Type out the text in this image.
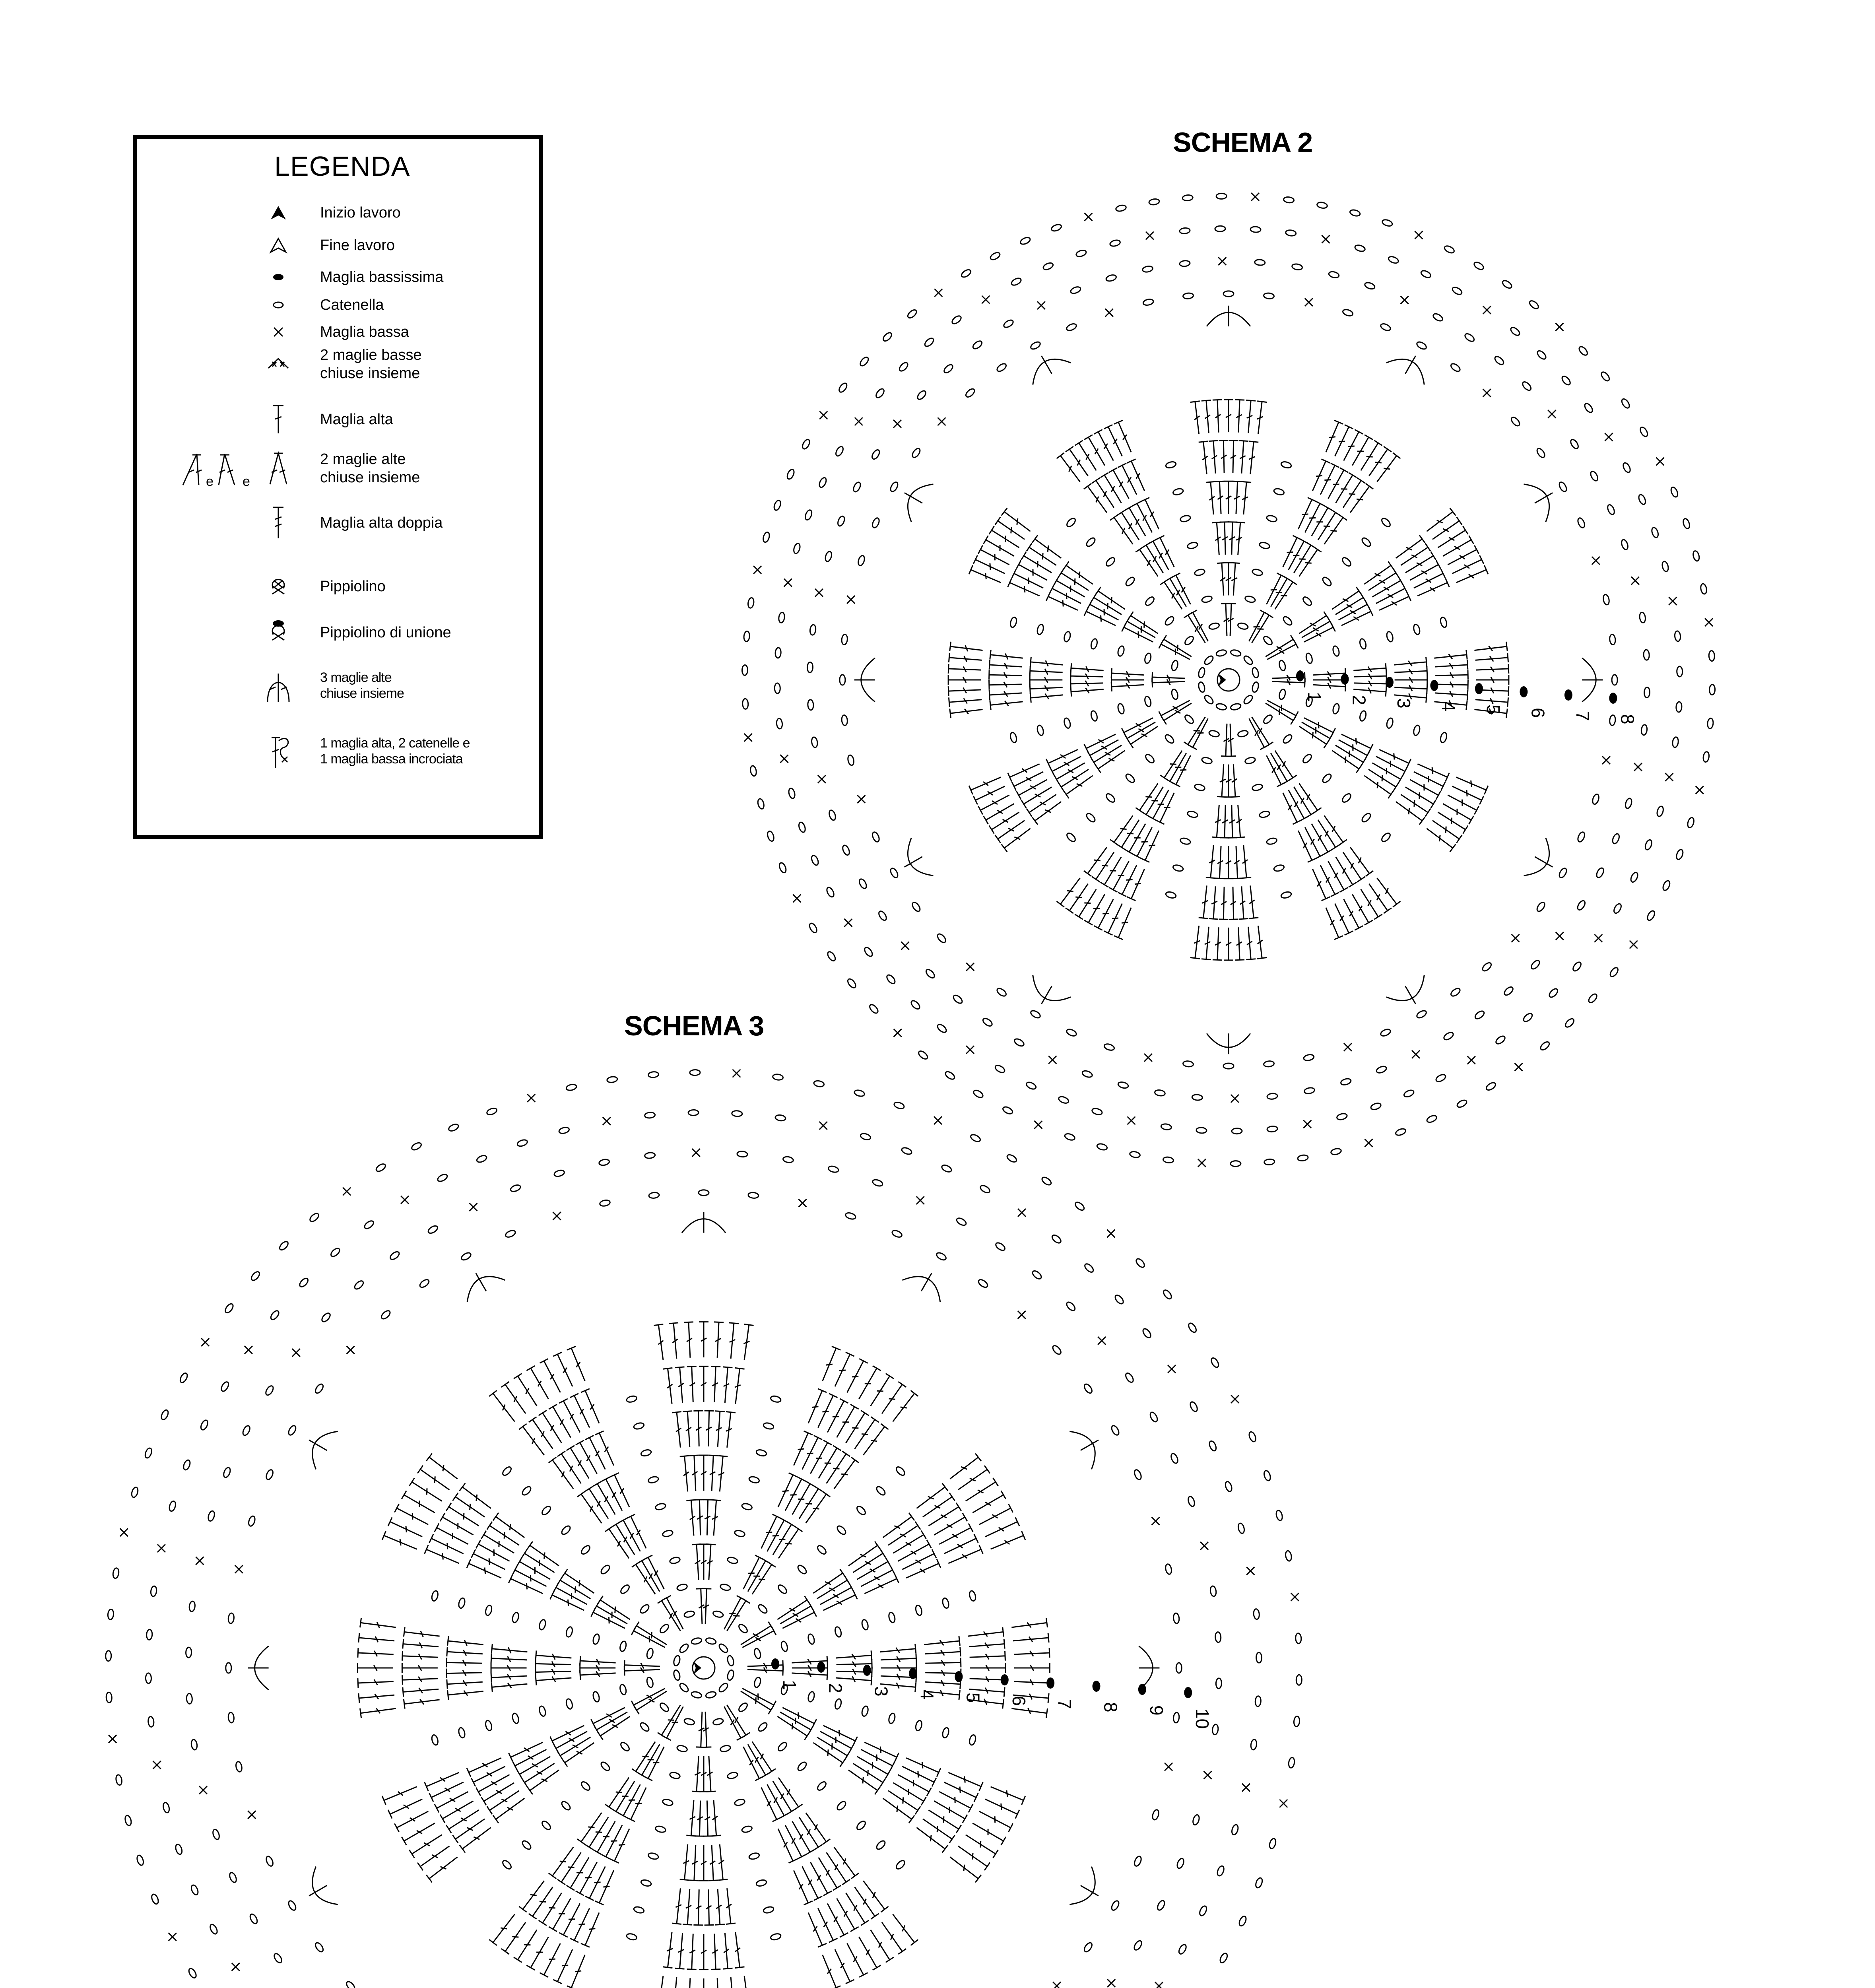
LEGENDA
Inizio lavoro
Fine lavoro
Maglia bassissima
Catenella
Maglia bassa
2 maglie basse
chiuse insieme
Maglia alta
e e
2 maglie alte
chiuse insieme
Maglia alta doppia
Pippiolino
Pippiolino di unione
3 maglie alte
chiuse insieme
1 maglia alta, 2 catenelle e
1 maglia bassa incrociata
SCHEMA 2
SCHEMA 3
1 2 3 4 5 6 7 8
1 2 3 4 5 6 7 8 9 10
